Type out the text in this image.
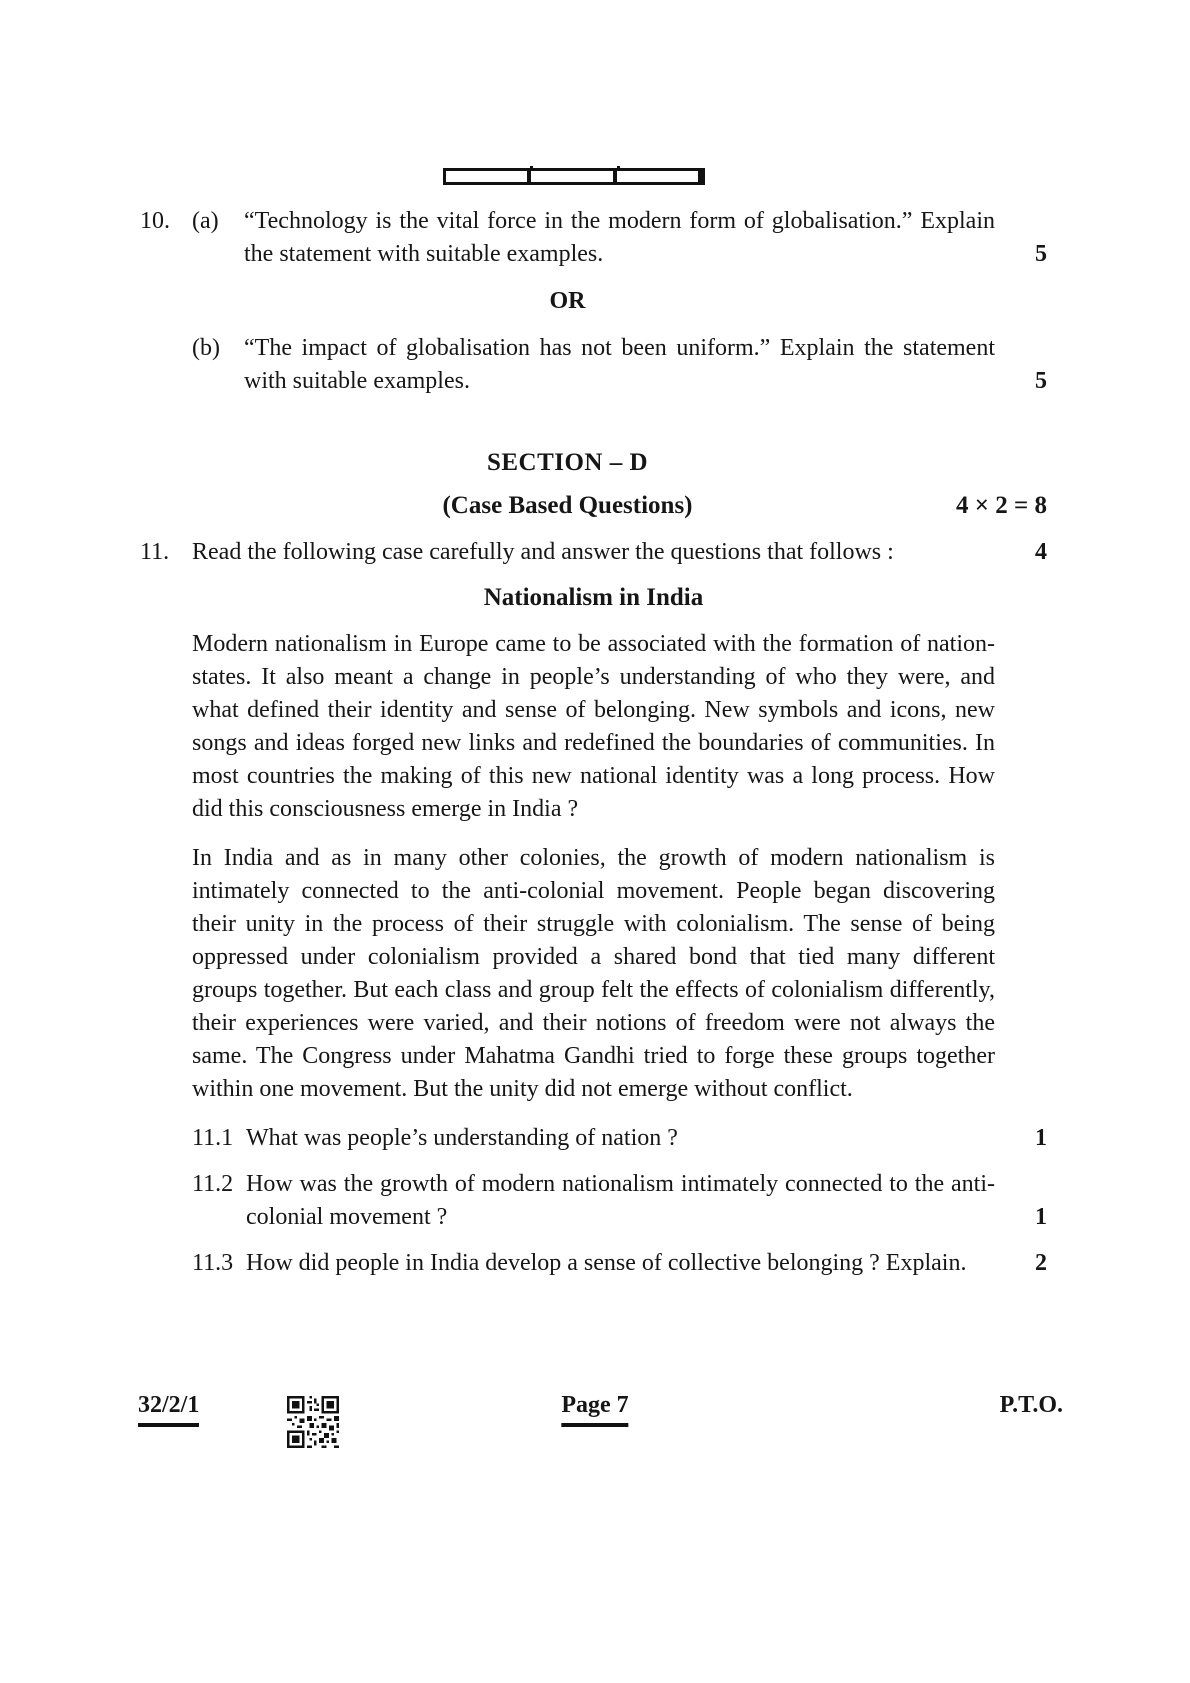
10. (a)	“Technology is the vital force in the modern form of globalisation.” Explain the statement with suitable examples.	5
OR
(b)	“The impact of globalisation has not been uniform.” Explain the statement with suitable examples.	5
SECTION – D
(Case Based Questions)	4 × 2 = 8
11. Read the following case carefully and answer the questions that follows :	4
Nationalism in India

Modern nationalism in Europe came to be associated with the formation of nation-states. It also meant a change in people’s understanding of who they were, and what defined their identity and sense of belonging. New symbols and icons, new songs and ideas forged new links and redefined the boundaries of communities. In most countries the making of this new national identity was a long process. How did this consciousness emerge in India ?

In India and as in many other colonies, the growth of modern nationalism is intimately connected to the anti-colonial movement. People began discovering their unity in the process of their struggle with colonialism. The sense of being oppressed under colonialism provided a shared bond that tied many different groups together. But each class and group felt the effects of colonialism differently, their experiences were varied, and their notions of freedom were not always the same. The Congress under Mahatma Gandhi tried to forge these groups together within one movement. But the unity did not emerge without conflict.

11.1 What was people’s understanding of nation ?	1
11.2 How was the growth of modern nationalism intimately connected to the anti-colonial movement ?	1
11.3 How did people in India develop a sense of collective belonging ? Explain.	2
32/2/1	Page 7	P.T.O.
